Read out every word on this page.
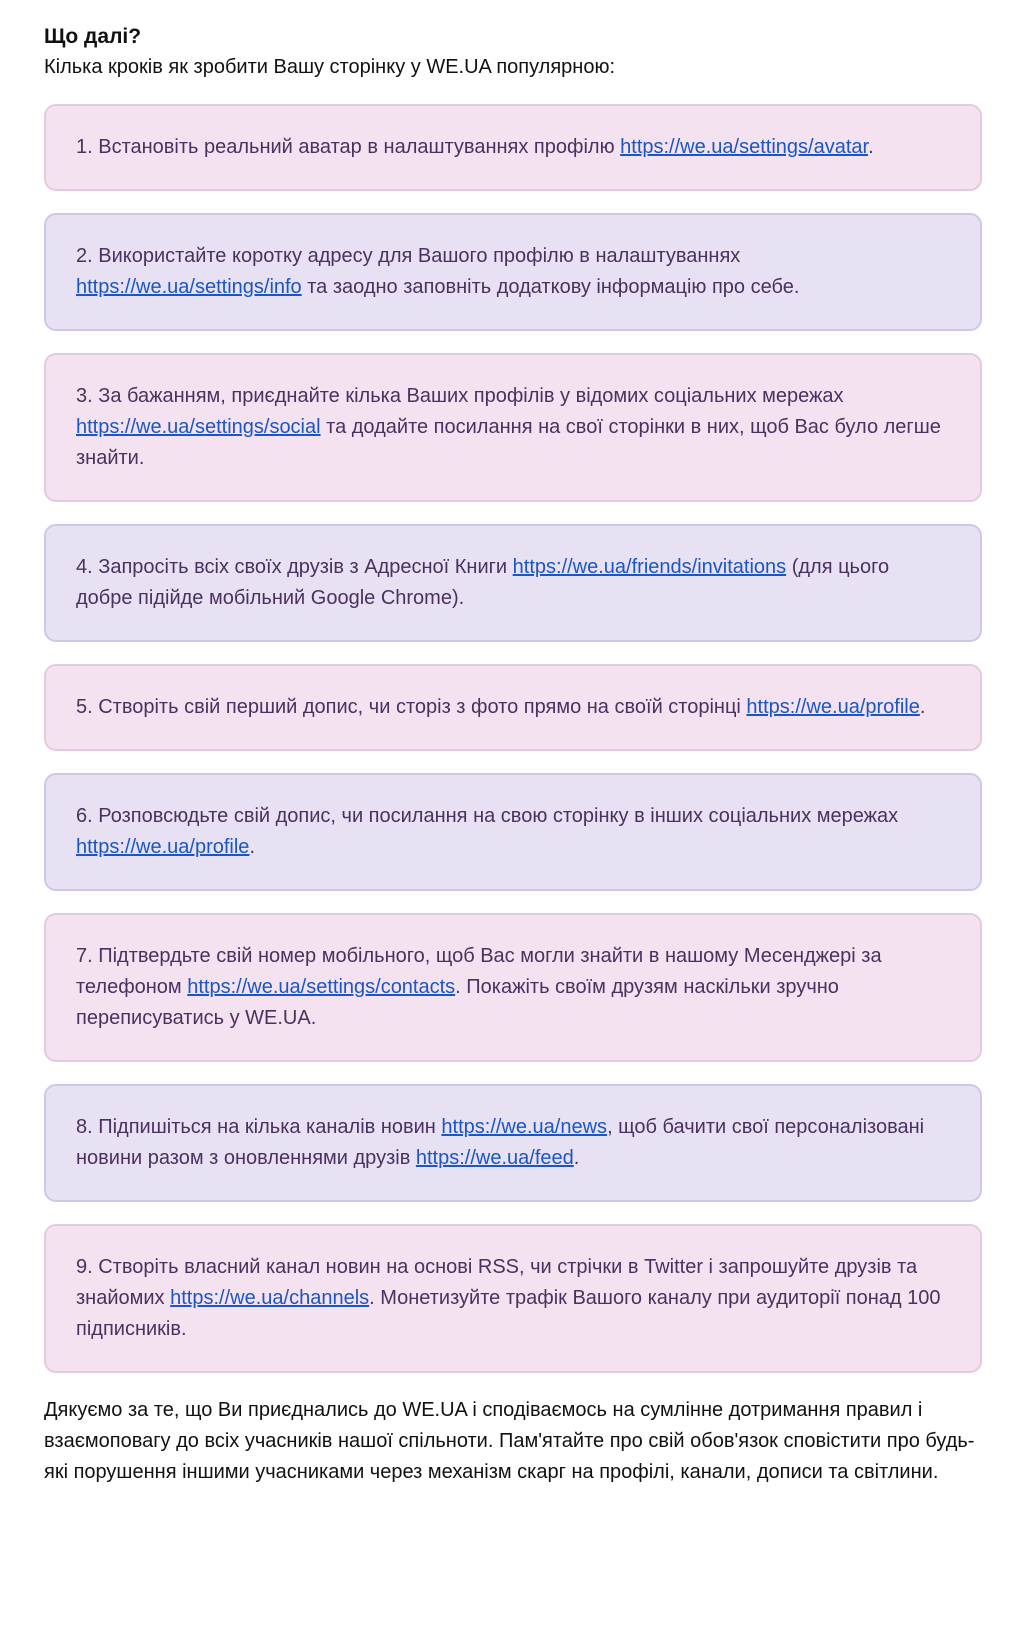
Що далі?

Кілька кроків як зробити Вашу сторінку у WE.UA популярною:

1. Встановіть реальний аватар в налаштуваннях профілю https://we.ua/settings/avatar.
2. Використайте коротку адресу для Вашого профілю в налаштуваннях https://we.ua/settings/info та заодно заповніть додаткову інформацію про себе.
3. За бажанням, приєднайте кілька Ваших профілів у відомих соціальних мережах https://we.ua/settings/social та додайте посилання на свої сторінки в них, щоб Вас було легше знайти.
4. Запросіть всіх своїх друзів з Адресної Книги https://we.ua/friends/invitations (для цього добре підійде мобільний Google Chrome).
5. Створіть свій перший допис, чи сторіз з фото прямо на своїй сторінці https://we.ua/profile.
6. Розповсюдьте свій допис, чи посилання на свою сторінку в інших соціальних мережах https://we.ua/profile.
7. Підтвердьте свій номер мобільного, щоб Вас могли знайти в нашому Месенджері за телефоном https://we.ua/settings/contacts. Покажіть своїм друзям наскільки зручно переписуватись у WE.UA.
8. Підпишіться на кілька каналів новин https://we.ua/news, щоб бачити свої персоналізовані новини разом з оновленнями друзів https://we.ua/feed.
9. Створіть власний канал новин на основі RSS, чи стрічки в Twitter і запрошуйте друзів та знайомих https://we.ua/channels. Монетизуйте трафік Вашого каналу при аудиторії понад 100 підписників.

Дякуємо за те, що Ви приєднались до WE.UA і сподіваємось на сумлінне дотримання правил і взаємоповагу до всіх учасників нашої спільноти. Пам'ятайте про свій обов'язок сповістити про будь-які порушення іншими учасниками через механізм скарг на профілі, канали, дописи та світлини.
